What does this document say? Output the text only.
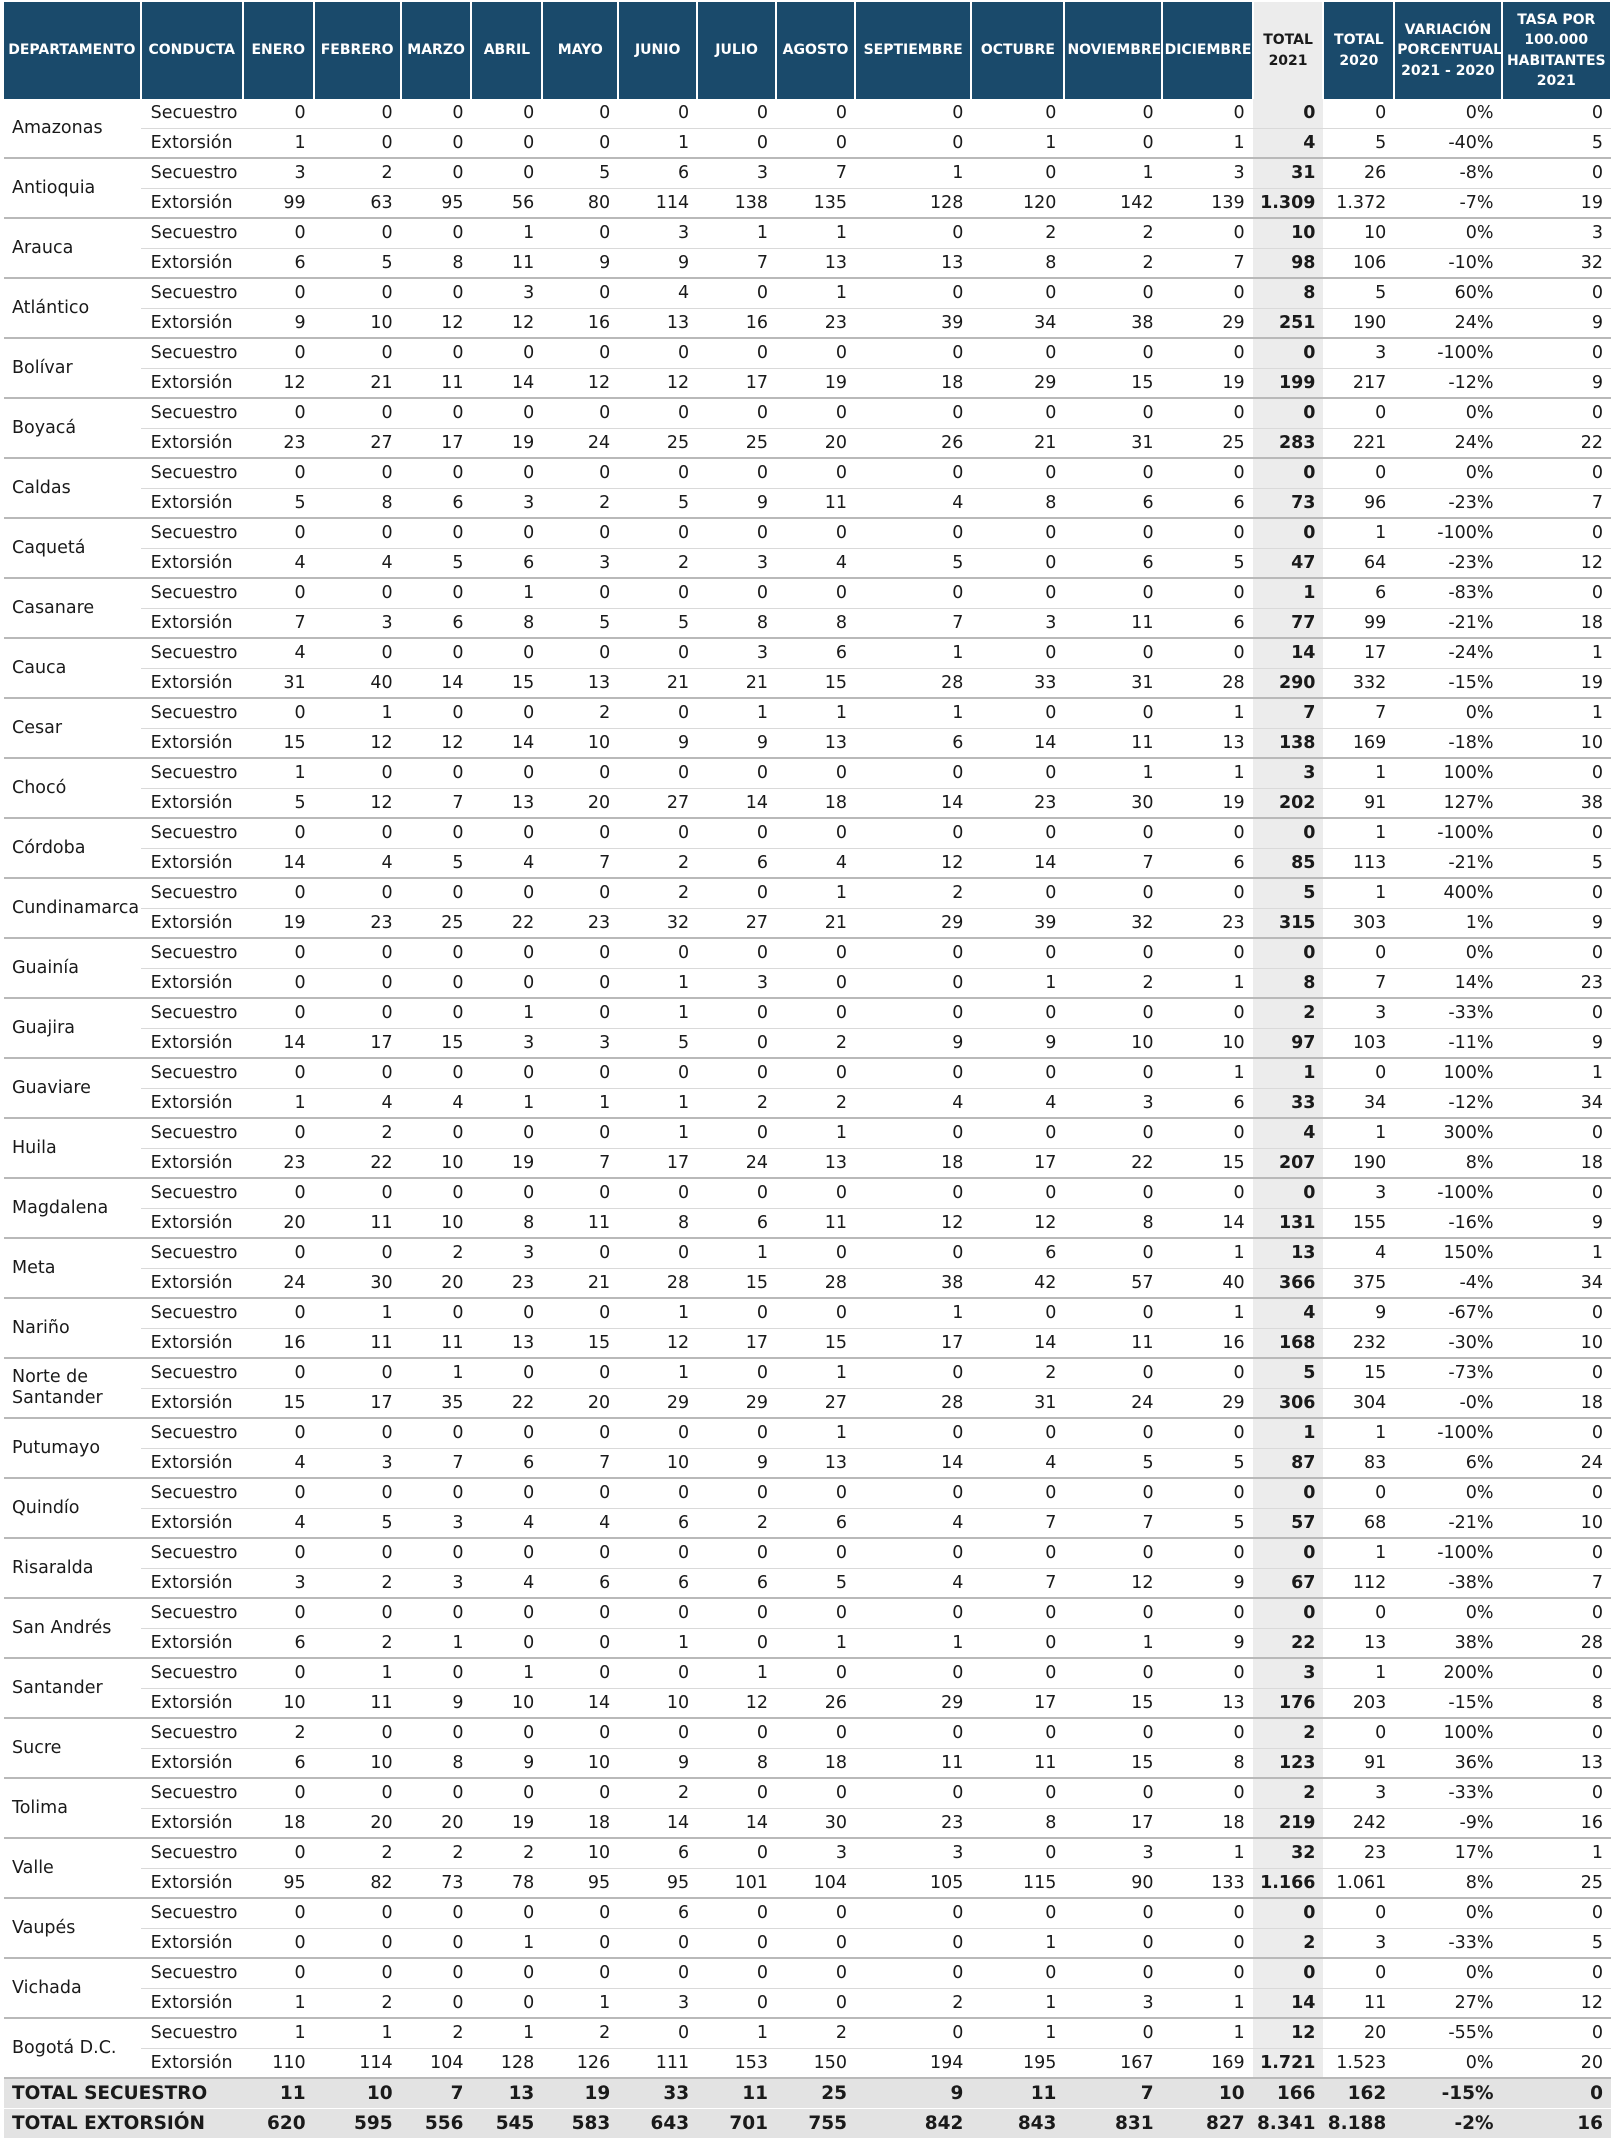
DEPARTAMENTO	CONDUCTA	ENERO	FEBRERO	MARZO	ABRIL	MAYO	JUNIO	JULIO	AGOSTO	SEPTIEMBRE	OCTUBRE	NOVIEMBRE	DICIEMBRE	TOTAL 2021	TOTAL 2020	VARIACIÓN PORCENTUAL 2021 - 2020	TASA POR 100.000 HABITANTES 2021
Amazonas	Secuestro	0	0	0	0	0	0	0	0	0	0	0	0	0	0	0%	0
	Extorsión	1	0	0	0	0	1	0	0	0	1	0	1	4	5	-40%	5
Antioquia	Secuestro	3	2	0	0	5	6	3	7	1	0	1	3	31	26	-8%	0
	Extorsión	99	63	95	56	80	114	138	135	128	120	142	139	1.309	1.372	-7%	19
Arauca	Secuestro	0	0	0	1	0	3	1	1	0	2	2	0	10	10	0%	3
	Extorsión	6	5	8	11	9	9	7	13	13	8	2	7	98	106	-10%	32
Atlántico	Secuestro	0	0	0	3	0	4	0	1	0	0	0	0	8	5	60%	0
	Extorsión	9	10	12	12	16	13	16	23	39	34	38	29	251	190	24%	9
Bolívar	Secuestro	0	0	0	0	0	0	0	0	0	0	0	0	0	3	-100%	0
	Extorsión	12	21	11	14	12	12	17	19	18	29	15	19	199	217	-12%	9
Boyacá	Secuestro	0	0	0	0	0	0	0	0	0	0	0	0	0	0	0%	0
	Extorsión	23	27	17	19	24	25	25	20	26	21	31	25	283	221	24%	22
Caldas	Secuestro	0	0	0	0	0	0	0	0	0	0	0	0	0	0	0%	0
	Extorsión	5	8	6	3	2	5	9	11	4	8	6	6	73	96	-23%	7
Caquetá	Secuestro	0	0	0	0	0	0	0	0	0	0	0	0	0	1	-100%	0
	Extorsión	4	4	5	6	3	2	3	4	5	0	6	5	47	64	-23%	12
Casanare	Secuestro	0	0	0	1	0	0	0	0	0	0	0	0	1	6	-83%	0
	Extorsión	7	3	6	8	5	5	8	8	7	3	11	6	77	99	-21%	18
Cauca	Secuestro	4	0	0	0	0	0	3	6	1	0	0	0	14	17	-24%	1
	Extorsión	31	40	14	15	13	21	21	15	28	33	31	28	290	332	-15%	19
Cesar	Secuestro	0	1	0	0	2	0	1	1	1	0	0	1	7	7	0%	1
	Extorsión	15	12	12	14	10	9	9	13	6	14	11	13	138	169	-18%	10
Chocó	Secuestro	1	0	0	0	0	0	0	0	0	0	1	1	3	1	100%	0
	Extorsión	5	12	7	13	20	27	14	18	14	23	30	19	202	91	127%	38
Córdoba	Secuestro	0	0	0	0	0	0	0	0	0	0	0	0	0	1	-100%	0
	Extorsión	14	4	5	4	7	2	6	4	12	14	7	6	85	113	-21%	5
Cundinamarca	Secuestro	0	0	0	0	0	2	0	1	2	0	0	0	5	1	400%	0
	Extorsión	19	23	25	22	23	32	27	21	29	39	32	23	315	303	1%	9
Guainía	Secuestro	0	0	0	0	0	0	0	0	0	0	0	0	0	0	0%	0
	Extorsión	0	0	0	0	0	1	3	0	0	1	2	1	8	7	14%	23
Guajira	Secuestro	0	0	0	1	0	1	0	0	0	0	0	0	2	3	-33%	0
	Extorsión	14	17	15	3	3	5	0	2	9	9	10	10	97	103	-11%	9
Guaviare	Secuestro	0	0	0	0	0	0	0	0	0	0	0	1	1	0	100%	1
	Extorsión	1	4	4	1	1	1	2	2	4	4	3	6	33	34	-12%	34
Huila	Secuestro	0	2	0	0	0	1	0	1	0	0	0	0	4	1	300%	0
	Extorsión	23	22	10	19	7	17	24	13	18	17	22	15	207	190	8%	18
Magdalena	Secuestro	0	0	0	0	0	0	0	0	0	0	0	0	0	3	-100%	0
	Extorsión	20	11	10	8	11	8	6	11	12	12	8	14	131	155	-16%	9
Meta	Secuestro	0	0	2	3	0	0	1	0	0	6	0	1	13	4	150%	1
	Extorsión	24	30	20	23	21	28	15	28	38	42	57	40	366	375	-4%	34
Nariño	Secuestro	0	1	0	0	0	1	0	0	1	0	0	1	4	9	-67%	0
	Extorsión	16	11	11	13	15	12	17	15	17	14	11	16	168	232	-30%	10
Norte de Santander	Secuestro	0	0	1	0	0	1	0	1	0	2	0	0	5	15	-73%	0
	Extorsión	15	17	35	22	20	29	29	27	28	31	24	29	306	304	-0%	18
Putumayo	Secuestro	0	0	0	0	0	0	0	1	0	0	0	0	1	1	-100%	0
	Extorsión	4	3	7	6	7	10	9	13	14	4	5	5	87	83	6%	24
Quindío	Secuestro	0	0	0	0	0	0	0	0	0	0	0	0	0	0	0%	0
	Extorsión	4	5	3	4	4	6	2	6	4	7	7	5	57	68	-21%	10
Risaralda	Secuestro	0	0	0	0	0	0	0	0	0	0	0	0	0	1	-100%	0
	Extorsión	3	2	3	4	6	6	6	5	4	7	12	9	67	112	-38%	7
San Andrés	Secuestro	0	0	0	0	0	0	0	0	0	0	0	0	0	0	0%	0
	Extorsión	6	2	1	0	0	1	0	1	1	0	1	9	22	13	38%	28
Santander	Secuestro	0	1	0	1	0	0	1	0	0	0	0	0	3	1	200%	0
	Extorsión	10	11	9	10	14	10	12	26	29	17	15	13	176	203	-15%	8
Sucre	Secuestro	2	0	0	0	0	0	0	0	0	0	0	0	2	0	100%	0
	Extorsión	6	10	8	9	10	9	8	18	11	11	15	8	123	91	36%	13
Tolima	Secuestro	0	0	0	0	0	2	0	0	0	0	0	0	2	3	-33%	0
	Extorsión	18	20	20	19	18	14	14	30	23	8	17	18	219	242	-9%	16
Valle	Secuestro	0	2	2	2	10	6	0	3	3	0	3	1	32	23	17%	1
	Extorsión	95	82	73	78	95	95	101	104	105	115	90	133	1.166	1.061	8%	25
Vaupés	Secuestro	0	0	0	0	0	6	0	0	0	0	0	0	0	0	0%	0
	Extorsión	0	0	0	1	0	0	0	0	0	1	0	0	2	3	-33%	5
Vichada	Secuestro	0	0	0	0	0	0	0	0	0	0	0	0	0	0	0%	0
	Extorsión	1	2	0	0	1	3	0	0	2	1	3	1	14	11	27%	12
Bogotá D.C.	Secuestro	1	1	2	1	2	0	1	2	0	1	0	1	12	20	-55%	0
	Extorsión	110	114	104	128	126	111	153	150	194	195	167	169	1.721	1.523	0%	20
TOTAL SECUESTRO		11	10	7	13	19	33	11	25	9	11	7	10	166	162	-15%	0
TOTAL EXTORSIÓN		620	595	556	545	583	643	701	755	842	843	831	827	8.341	8.188	-2%	16
